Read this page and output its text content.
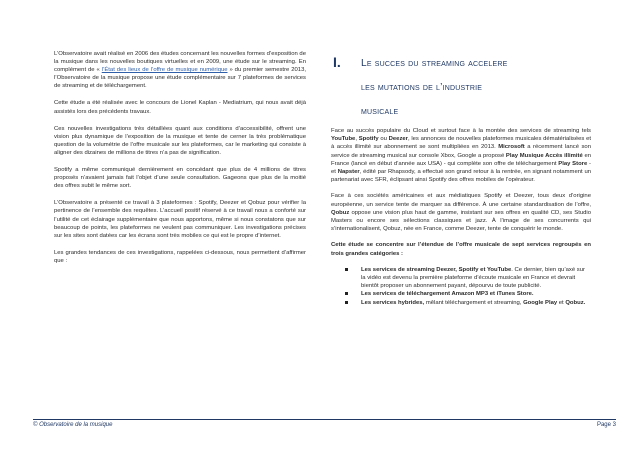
L’Observatoire avait réalisé en 2006 des études concernant les nouvelles formes d’exposition de la musique dans les nouvelles boutiques virtuelles et en 2009, une étude sur le streaming. En complément de « l’État des lieux de l’offre de musique numérique » du premier semestre 2013, l’Observatoire de la musique propose une étude complémentaire sur 7 plateformes de services de streaming et de téléchargement.

Cette étude a été réalisée avec le concours de Lionel Kaplan - Mediatrium, qui nous avait déjà assistés lors des précédents travaux.

Ces nouvelles investigations très détaillées quant aux conditions d’accessibilité, offrent une vision plus dynamique de l’exposition de la musique et tente de cerner la très problématique question de la volumétrie de l’offre musicale sur les plateformes, car le marketing qui consiste à aligner des dizaines de millions de titres n’a pas de signification.

Spotify a même communiqué dernièrement en concédant que plus de 4 millions de titres proposés n’avaient jamais fait l’objet d’une seule consultation. Gageons que plus de la moitié des offres subit le même sort.

L’Observatoire a présenté ce travail à 3 plateformes : Spotify, Deezer et Qobuz pour vérifier la pertinence de l’ensemble des requêtes. L’accueil positif réservé à ce travail nous a conforté sur l’utilité de cet éclairage supplémentaire que nous apportons, même si nous constatons que sur beaucoup de points, les plateformes ne veulent pas communiquer. Les investigations précises sur les sites sont datées car les écrans sont très mobiles ce qui est le propre d’internet.

Les grandes tendances de ces investigations, rappelées ci-dessous, nous permettent d’affirmer que :

I. Le succes du streaming accelere
les mutations de l’industrie
musicale

Face au succès populaire du Cloud et surtout face à la montée des services de streaming tels YouTube, Spotify ou Deezer, les annonces de nouvelles plateformes musicales dématérialisées et à accès illimité sur abonnement se sont multipliées en 2013. Microsoft a récemment lancé son service de streaming musical sur console Xbox, Google a proposé Play Musique Accès illimité en France (lancé en début d’année aux USA) - qui complète son offre de téléchargement Play Store - et Napster, édité par Rhapsody, a effectué son grand retour à la rentrée, en signant notamment un partenariat avec SFR, éclipsant ainsi Spotify des offres mobiles de l’opérateur.

Face à ces sociétés américaines et aux médiatiques Spotify et Deezer, tous deux d’origine européenne, un service tente de marquer sa différence. À une certaine standardisation de l’offre, Qobuz oppose une vision plus haut de gamme, insistant sur ses offres en qualité CD, ses Studio Masters ou encore ses sélections classiques et jazz. À l’image de ses concurrents qui s’internationalisent, Qobuz, née en France, comme Deezer, tente de conquérir le monde.

Cette étude se concentre sur l’étendue de l’offre musicale de sept services regroupés en trois grandes catégories :

Les services de streaming Deezer, Spotify et YouTube. Ce dernier, bien qu’axé sur la vidéo est devenu la première plateforme d’écoute musicale en France et devrait bientôt proposer un abonnement payant, dépourvu de toute publicité.
Les services de téléchargement Amazon MP3 et iTunes Store.
Les services hybrides, mêlant téléchargement et streaming, Google Play et Qobuz.
© Observatoire de la musique	Page 3
